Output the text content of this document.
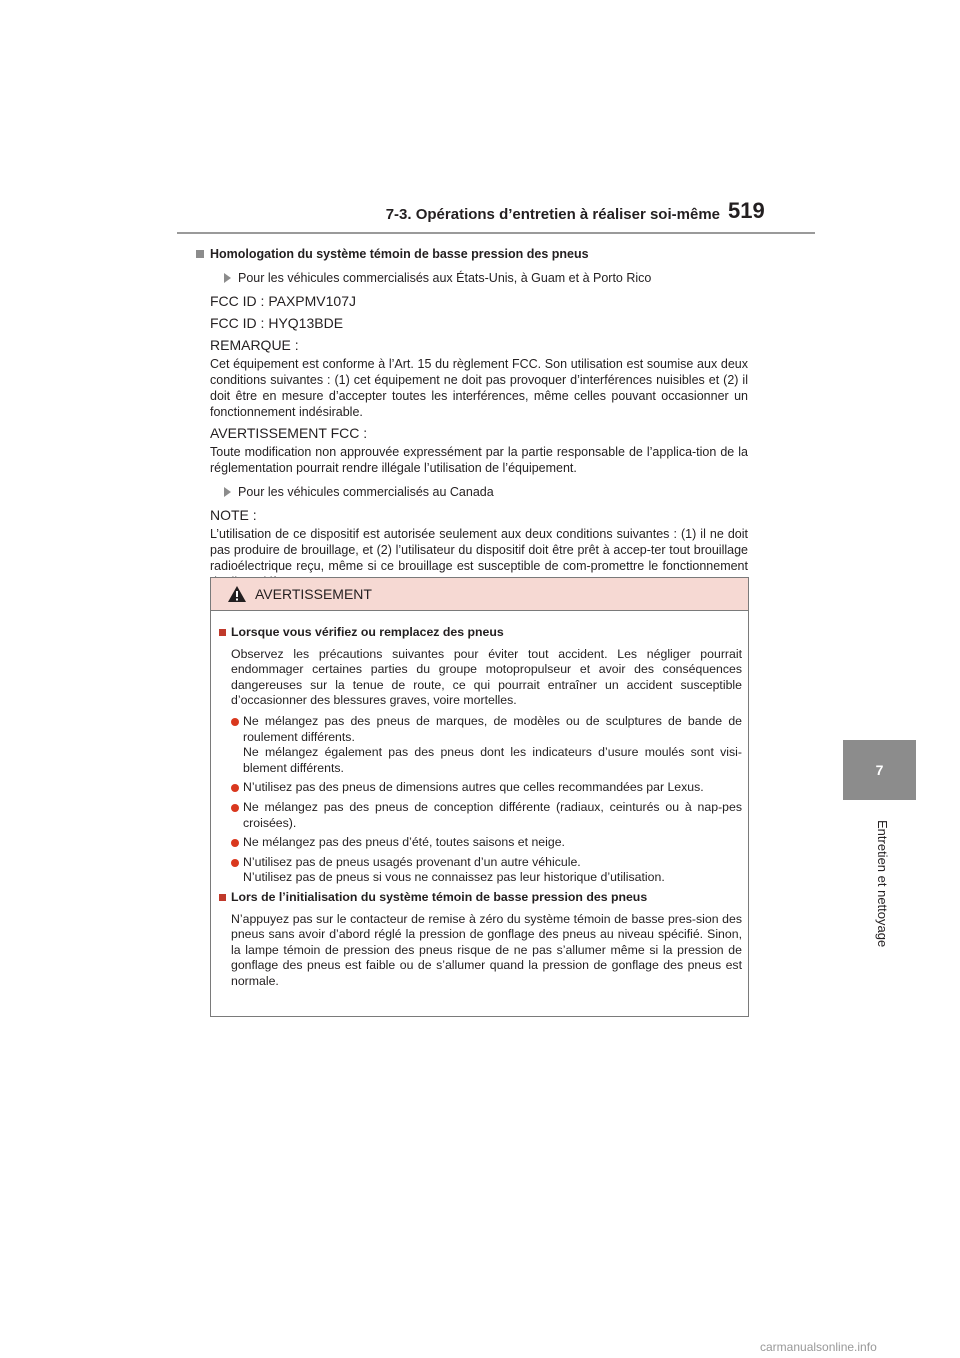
7-3. Opérations d’entretien à réaliser soi-même 519
7
Entretien et nettoyage
Homologation du système témoin de basse pression des pneus
Pour les véhicules commercialisés aux États-Unis, à Guam et à Porto Rico
FCC ID : PAXPMV107J
FCC ID : HYQ13BDE
REMARQUE :
Cet équipement est conforme à l’Art. 15 du règlement FCC. Son utilisation est soumise aux deux conditions suivantes : (1) cet équipement ne doit pas provoquer d’interférences nuisibles et (2) il doit être en mesure d’accepter toutes les interférences, même celles pouvant occasionner un fonctionnement indésirable.
AVERTISSEMENT FCC :
Toute modification non approuvée expressément par la partie responsable de l’applica-tion de la réglementation pourrait rendre illégale l’utilisation de l’équipement.
Pour les véhicules commercialisés au Canada
NOTE :
L’utilisation de ce dispositif est autorisée seulement aux deux conditions suivantes : (1) il ne doit pas produire de brouillage, et (2) l’utilisateur du dispositif doit être prêt à accep-ter tout brouillage radioélectrique reçu, même si ce brouillage est susceptible de com-promettre le fonctionnement
AVERTISSEMENT
Lorsque vous vérifiez ou remplacez des pneus
Observez les précautions suivantes pour éviter tout accident. Les négliger pourrait endommager certaines parties du groupe motopropulseur et avoir des conséquences dangereuses sur la tenue de route, ce qui pourrait entraîner un accident susceptible d’occasionner des blessures graves, voire mortelles.
Ne mélangez pas des pneus de marques, de modèles ou de sculptures de bande de roulement différents.
Ne mélangez également pas des pneus dont les indicateurs d’usure moulés sont visi-blement différents.
N’utilisez pas des pneus de dimensions autres que celles recommandées par Lexus.
Ne mélangez pas des pneus de conception différente (radiaux, ceinturés ou à nap-pes croisées).
Ne mélangez pas des pneus d’été, toutes saisons et neige.
N’utilisez pas de pneus usagés provenant d’un autre véhicule.
N’utilisez pas de pneus si vous ne connaissez pas leur historique d’utilisation.
Lors de l’initialisation du système témoin de basse pression des pneus
N’appuyez pas sur le contacteur de remise à zéro du système témoin de basse pres-sion des pneus sans avoir d’abord réglé la pression de gonflage des pneus au niveau spécifié. Sinon, la lampe témoin de pression des pneus risque de ne pas s’allumer même si la pression de gonflage des pneus est faible ou de s’allumer quand la pression de gonflage des pneus est normale.
carmanualsonline.info
